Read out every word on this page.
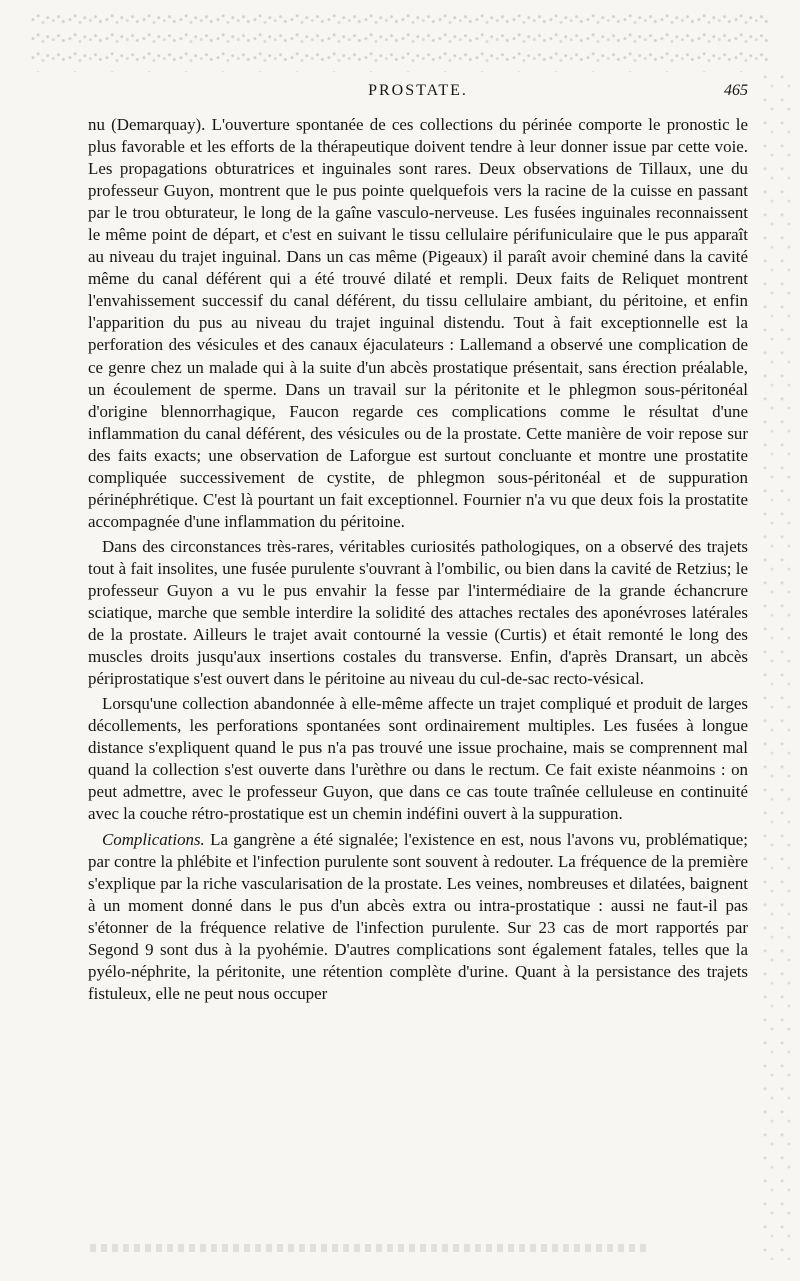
PROSTATE.	465

nu (Demarquay). L'ouverture spontanée de ces collections du périnée comporte le pronostic le plus favorable et les efforts de la thérapeutique doivent tendre à leur donner issue par cette voie. Les propagations obturatrices et inguinales sont rares. Deux observations de Tillaux, une du professeur Guyon, montrent que le pus pointe quelquefois vers la racine de la cuisse en passant par le trou obturateur, le long de la gaîne vasculo-nerveuse. Les fusées inguinales reconnaissent le même point de départ, et c'est en suivant le tissu cellulaire périfuniculaire que le pus apparaît au niveau du trajet inguinal. Dans un cas même (Pigeaux) il paraît avoir cheminé dans la cavité même du canal déférent qui a été trouvé dilaté et rempli. Deux faits de Reliquet montrent l'envahissement successif du canal déférent, du tissu cellulaire ambiant, du péritoine, et enfin l'apparition du pus au niveau du trajet inguinal distendu. Tout à fait exceptionnelle est la perforation des vésicules et des canaux éjaculateurs : Lallemand a observé une complication de ce genre chez un malade qui à la suite d'un abcès prostatique présentait, sans érection préalable, un écoulement de sperme. Dans un travail sur la péritonite et le phlegmon sous-péritonéal d'origine blennorrhagique, Faucon regarde ces complications comme le résultat d'une inflammation du canal déférent, des vésicules ou de la prostate. Cette manière de voir repose sur des faits exacts; une observation de Laforgue est surtout concluante et montre une prostatite compliquée successivement de cystite, de phlegmon sous-péritonéal et de suppuration périnéphrétique. C'est là pourtant un fait exceptionnel. Fournier n'a vu que deux fois la prostatite accompagnée d'une inflammation du péritoine.

Dans des circonstances très-rares, véritables curiosités pathologiques, on a observé des trajets tout à fait insolites, une fusée purulente s'ouvrant à l'ombilic, ou bien dans la cavité de Retzius; le professeur Guyon a vu le pus envahir la fesse par l'intermédiaire de la grande échancrure sciatique, marche que semble interdire la solidité des attaches rectales des aponévroses latérales de la prostate. Ailleurs le trajet avait contourné la vessie (Curtis) et était remonté le long des muscles droits jusqu'aux insertions costales du transverse. Enfin, d'après Dransart, un abcès périprostatique s'est ouvert dans le péritoine au niveau du cul-de-sac recto-vésical.

Lorsqu'une collection abandonnée à elle-même affecte un trajet compliqué et produit de larges décollements, les perforations spontanées sont ordinairement multiples. Les fusées à longue distance s'expliquent quand le pus n'a pas trouvé une issue prochaine, mais se comprennent mal quand la collection s'est ouverte dans l'urèthre ou dans le rectum. Ce fait existe néanmoins : on peut admettre, avec le professeur Guyon, que dans ce cas toute traînée celluleuse en continuité avec la couche rétro-prostatique est un chemin indéfini ouvert à la suppuration.

Complications. La gangrène a été signalée; l'existence en est, nous l'avons vu, problématique; par contre la phlébite et l'infection purulente sont souvent à redouter. La fréquence de la première s'explique par la riche vascularisation de la prostate. Les veines, nombreuses et dilatées, baignent à un moment donné dans le pus d'un abcès extra ou intra-prostatique : aussi ne faut-il pas s'étonner de la fréquence relative de l'infection purulente. Sur 23 cas de mort rapportés par Segond 9 sont dus à la pyohémie. D'autres complications sont également fatales, telles que la pyélo-néphrite, la péritonite, une rétention complète d'urine. Quant à la persistance des trajets fistuleux, elle ne peut nous occuper
